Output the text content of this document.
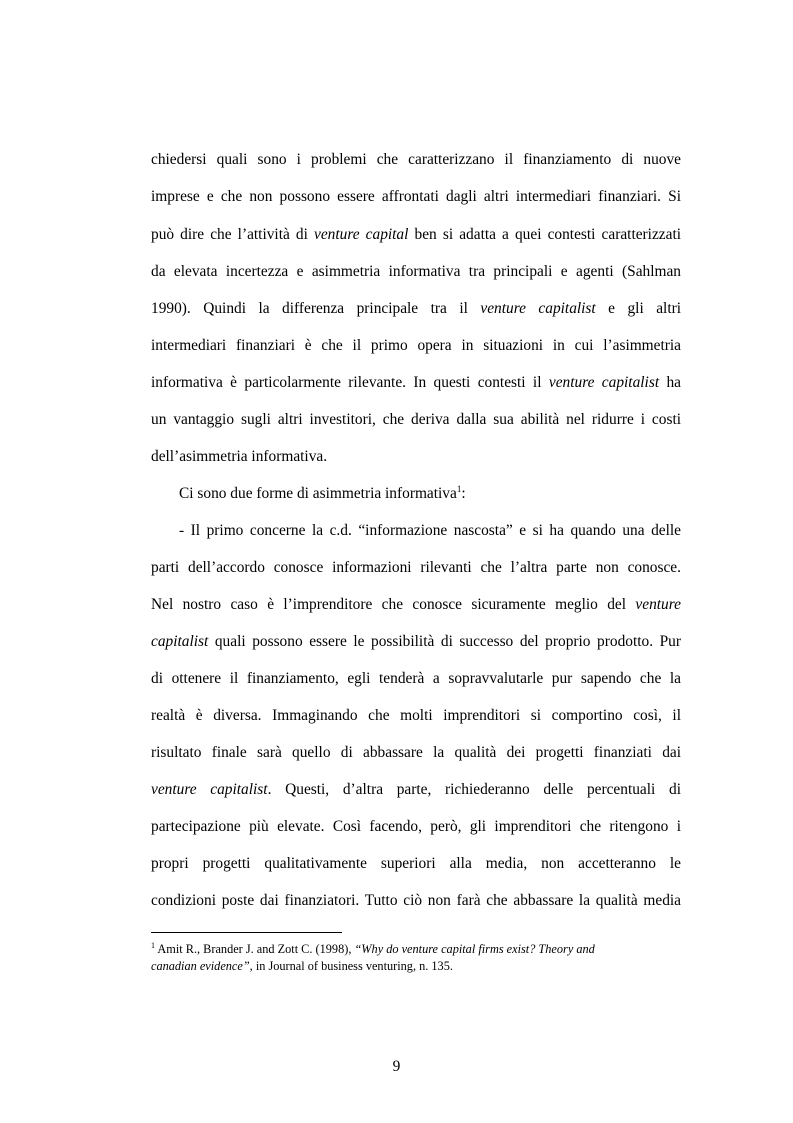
chiedersi quali sono i problemi che caratterizzano il finanziamento di nuove
imprese e che non possono essere affrontati dagli altri intermediari finanziari. Si
può dire che l’attività di venture capital ben si adatta a quei contesti caratterizzati
da elevata incertezza e asimmetria informativa tra principali e agenti (Sahlman
1990). Quindi la differenza principale tra il venture capitalist e gli altri
intermediari finanziari è che il primo opera in situazioni in cui l’asimmetria
informativa è particolarmente rilevante. In questi contesti il venture capitalist ha
un vantaggio sugli altri investitori, che deriva dalla sua abilità nel ridurre i costi
dell’asimmetria informativa.
Ci sono due forme di asimmetria informativa$^1$:
- Il primo concerne la c.d. “informazione nascosta” e si ha quando una delle
parti dell’accordo conosce informazioni rilevanti che l’altra parte non conosce.
Nel nostro caso è l’imprenditore che conosce sicuramente meglio del venture
capitalist quali possono essere le possibilità di successo del proprio prodotto. Pur
di ottenere il finanziamento, egli tenderà a sopravvalutarle pur sapendo che la
realtà è diversa. Immaginando che molti imprenditori si comportino così, il
risultato finale sarà quello di abbassare la qualità dei progetti finanziati dai
venture capitalist. Questi, d’altra parte, richiederanno delle percentuali di
partecipazione più elevate. Così facendo, però, gli imprenditori che ritengono i
propri progetti qualitativamente superiori alla media, non accetteranno le
condizioni poste dai finanziatori. Tutto ciò non farà che abbassare la qualità media
$^1$ Amit R., Brander J. and Zott C. (1998), “Why do venture capital firms exist? Theory and
canadian evidence”, in Journal of business venturing, n. 135.
9
